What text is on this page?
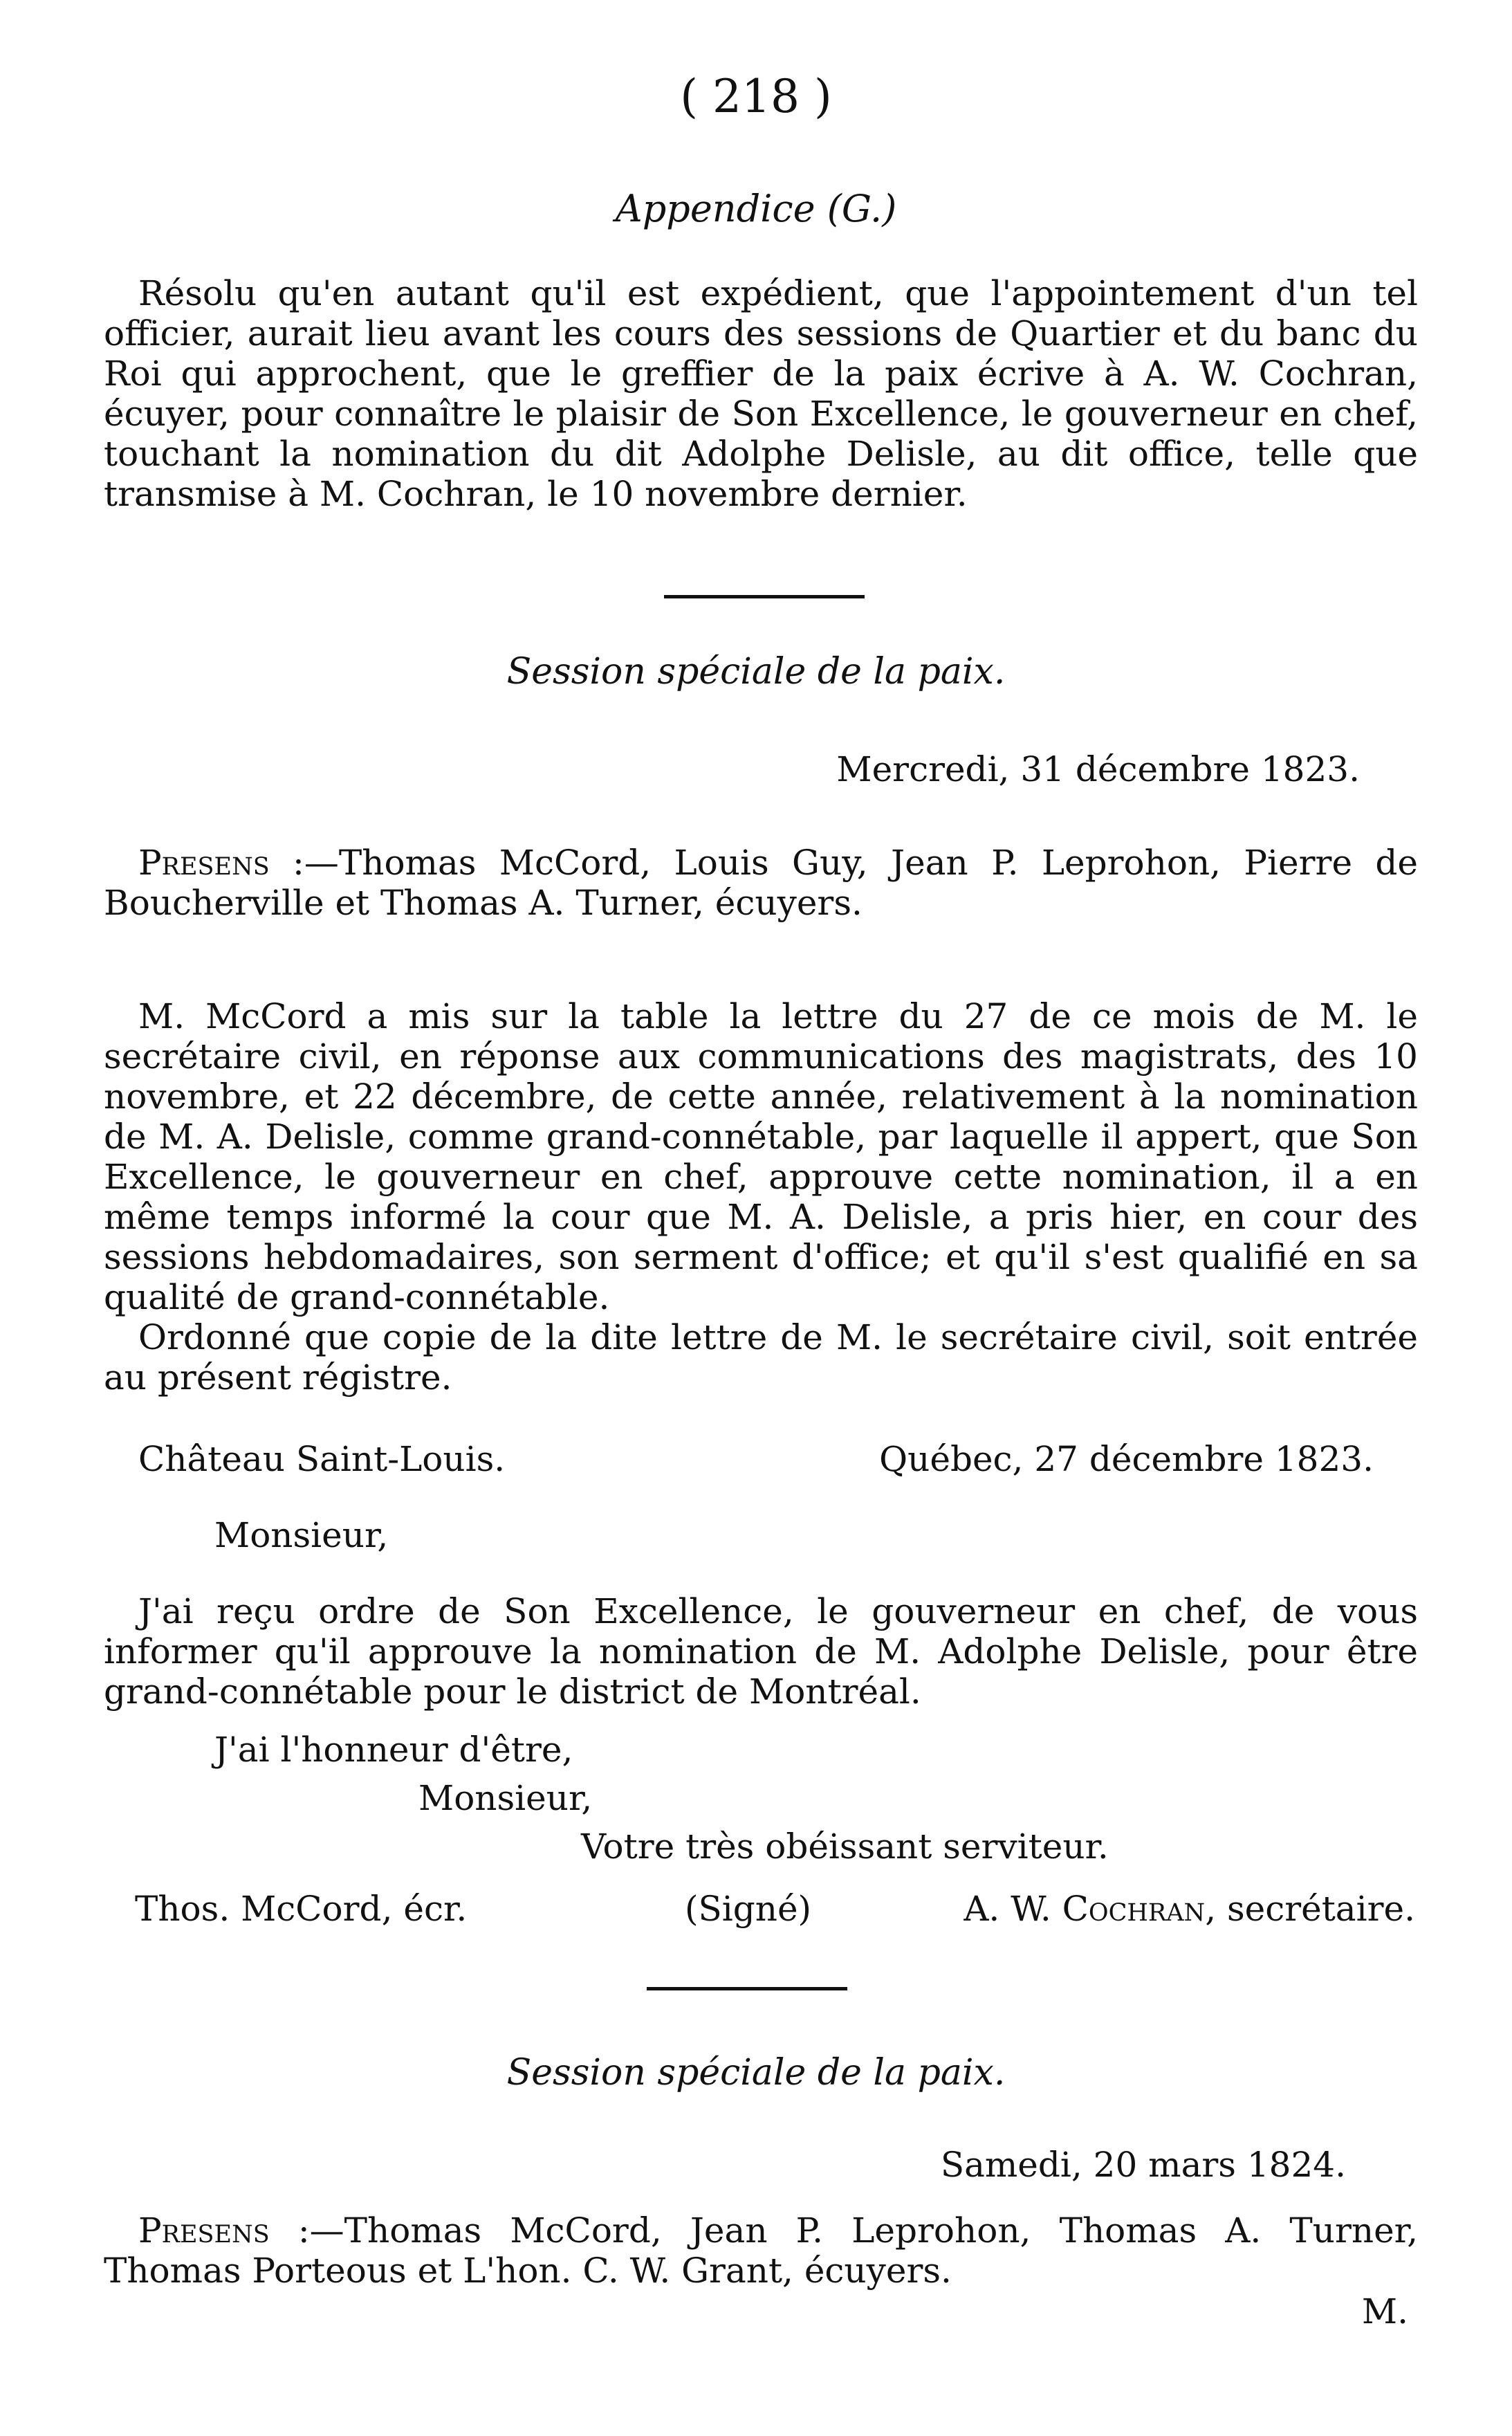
( 218 )
Appendice (G.)

Résolu qu'en autant qu'il est expédient, que l'appointement d'un tel officier, aurait lieu avant les cours des sessions de Quartier et du banc du Roi qui approchent, que le greffier de la paix écrive à A. W. Cochran, écuyer, pour connaître le plaisir de Son Excellence, le gouverneur en chef, touchant la nomination du dit Adolphe Delisle, au dit office, telle que transmise à M. Cochran, le 10 novembre dernier.

Session spéciale de la paix.
Mercredi, 31 décembre 1823.

Presens :—Thomas McCord, Louis Guy, Jean P. Leprohon, Pierre de Boucherville et Thomas A. Turner, écuyers.

M. McCord a mis sur la table la lettre du 27 de ce mois de M. le secrétaire civil, en réponse aux communications des magistrats, des 10 novembre, et 22 décembre, de cette année, relativement à la nomination de M. A. Delisle, comme grand-connétable, par laquelle il appert, que Son Excellence, le gouverneur en chef, approuve cette nomination, il a en même temps informé la cour que M. A. Delisle, a pris hier, en cour des sessions hebdomadaires, son serment d'office; et qu'il s'est qualifié en sa qualité de grand-connétable.

Ordonné que copie de la dite lettre de M. le secrétaire civil, soit entrée au présent régistre.

Château Saint-Louis.	Québec, 27 décembre 1823.
Monsieur,

J'ai reçu ordre de Son Excellence, le gouverneur en chef, de vous informer qu'il approuve la nomination de M. Adolphe Delisle, pour être grand-connétable pour le district de Montréal.

J'ai l'honneur d'être,
Monsieur,
Votre très obéissant serviteur.
Thos. McCord, écr.	(Signé)	A. W. Cochran, secrétaire.
Session spéciale de la paix.
Samedi, 20 mars 1824.

Presens :—Thomas McCord, Jean P. Leprohon, Thomas A. Turner, Thomas Porteous et L'hon. C. W. Grant, écuyers.

M.
